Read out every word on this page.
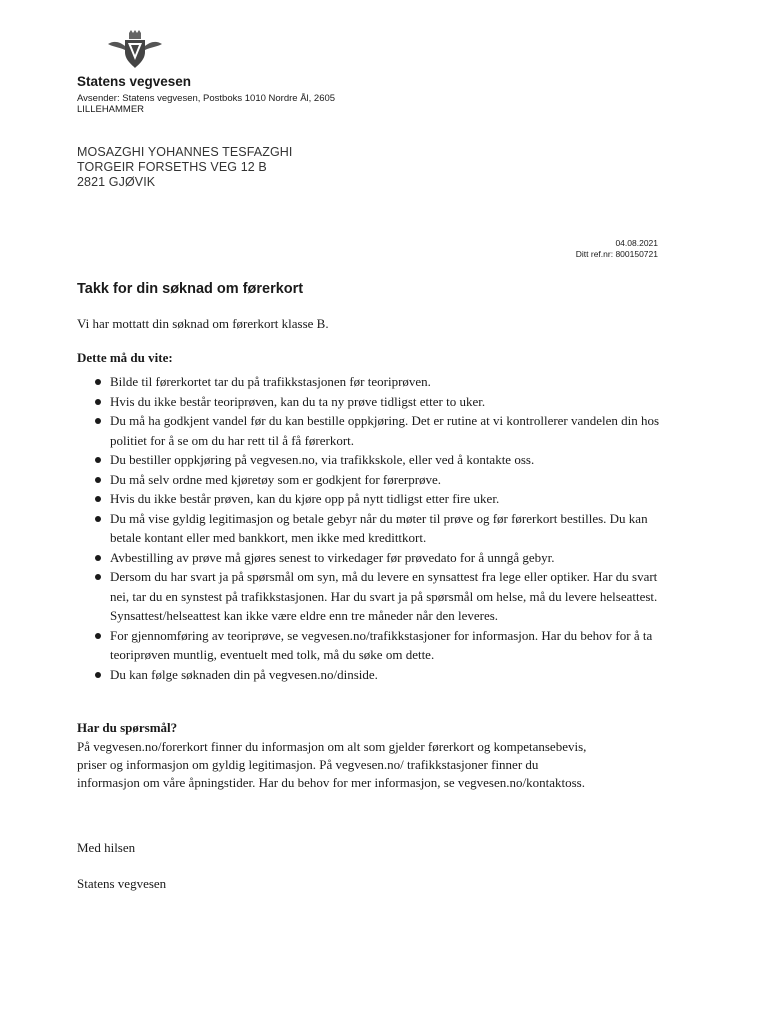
Statens vegvesen
Avsender: Statens vegvesen, Postboks 1010 Nordre Ål, 2605 LILLEHAMMER
MOSAZGHI YOHANNES TESFAZGHI
TORGEIR FORSETHS VEG 12 B
2821 GJØVIK
04.08.2021
Ditt ref.nr: 800150721
Takk for din søknad om førerkort
Vi har mottatt din søknad om førerkort klasse B.
Dette må du vite:
Bilde til førerkortet tar du på trafikkstasjonen før teoriprøven.
Hvis du ikke består teoriprøven, kan du ta ny prøve tidligst etter to uker.
Du må ha godkjent vandel før du kan bestille oppkjøring. Det er rutine at vi kontrollerer vandelen din hos politiet for å se om du har rett til å få førerkort.
Du bestiller oppkjøring på vegvesen.no, via trafikkskole, eller ved å kontakte oss.
Du må selv ordne med kjøretøy som er godkjent for førerprøve.
Hvis du ikke består prøven, kan du kjøre opp på nytt tidligst etter fire uker.
Du må vise gyldig legitimasjon og betale gebyr når du møter til prøve og før førerkort bestilles. Du kan betale kontant eller med bankkort, men ikke med kredittkort.
Avbestilling av prøve må gjøres senest to virkedager før prøvedato for å unngå gebyr.
Dersom du har svart ja på spørsmål om syn, må du levere en synsattest fra lege eller optiker. Har du svart nei, tar du en synstest på trafikkstasjonen. Har du svart ja på spørsmål om helse, må du levere helseattest. Synsattest/helseattest kan ikke være eldre enn tre måneder når den leveres.
For gjennomføring av teoriprøve, se vegvesen.no/trafikkstasjoner for informasjon. Har du behov for å ta teoriprøven muntlig, eventuelt med tolk, må du søke om dette.
Du kan følge søknaden din på vegvesen.no/dinside.
Har du spørsmål?
På vegvesen.no/forerkort finner du informasjon om alt som gjelder førerkort og kompetansebevis, priser og informasjon om gyldig legitimasjon. På vegvesen.no/ trafikkstasjoner finner du informasjon om våre åpningstider. Har du behov for mer informasjon, se vegvesen.no/kontaktoss.
Med hilsen
Statens vegvesen
